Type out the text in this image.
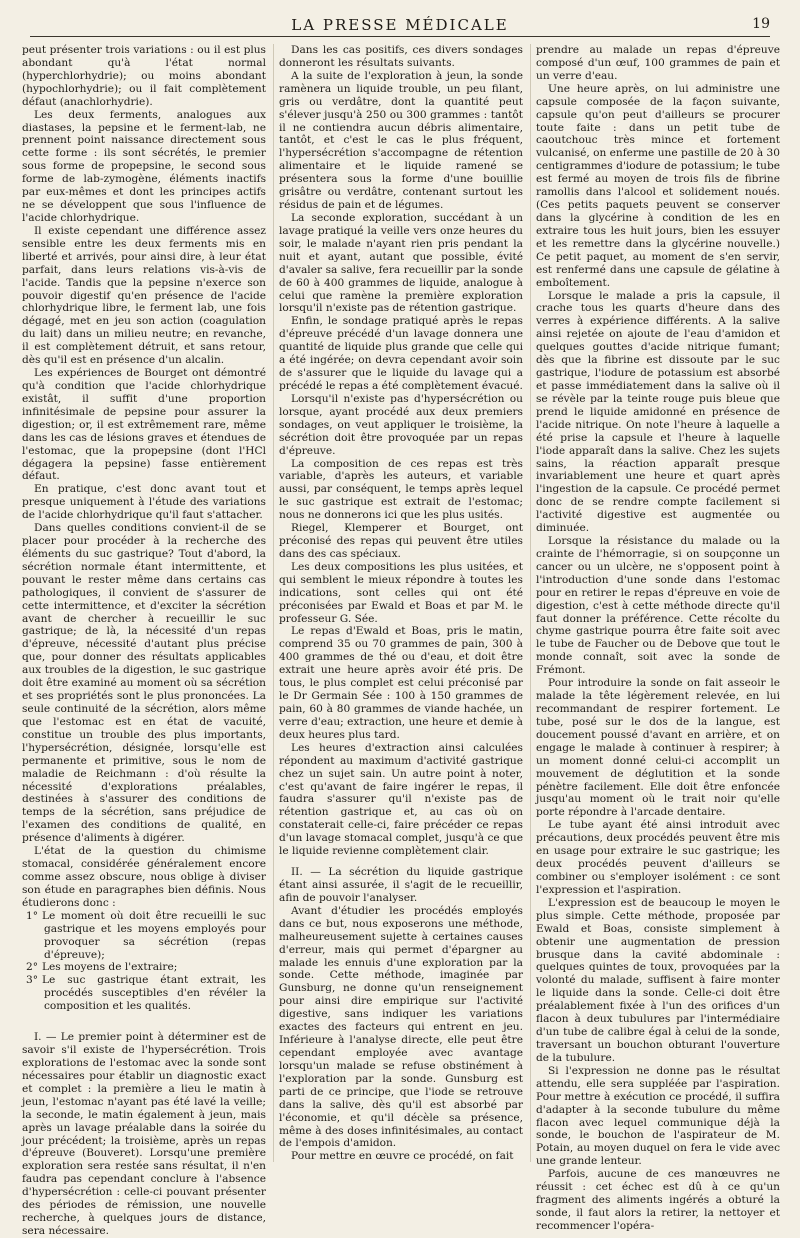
LA PRESSE MÉDICALE	19

peut présenter trois variations : ou il est plus abondant qu'à l'état normal (hyperchlorhydrie); ou moins abondant (hypochlorhydrie); ou il fait complètement défaut (anachlorhydrie).

Les deux ferments, analogues aux diastases, la pepsine et le ferment-lab, ne prennent point naissance directement sous cette forme : ils sont sécrétés, le premier sous forme de propepsine, le second sous forme de lab-zymogène, éléments inactifs par eux-mêmes et dont les principes actifs ne se développent que sous l'influence de l'acide chlorhydrique.

Il existe cependant une différence assez sensible entre les deux ferments mis en liberté et arrivés, pour ainsi dire, à leur état parfait, dans leurs relations vis-à-vis de l'acide. Tandis que la pepsine n'exerce son pouvoir digestif qu'en présence de l'acide chlorhydrique libre, le ferment lab, une fois dégagé, met en jeu son action (coagulation du lait) dans un milieu neutre; en revanche, il est complètement détruit, et sans retour, dès qu'il est en présence d'un alcalin.

Les expériences de Bourget ont démontré qu'à condition que l'acide chlorhydrique existât, il suffit d'une proportion infinitésimale de pepsine pour assurer la digestion; or, il est extrêmement rare, même dans les cas de lésions graves et étendues de l'estomac, que la propepsine (dont l'HCl dégagera la pepsine) fasse entièrement défaut.

En pratique, c'est donc avant tout et presque uniquement à l'étude des variations de l'acide chlorhydrique qu'il faut s'attacher.

Dans quelles conditions convient-il de se placer pour procéder à la recherche des éléments du suc gastrique? Tout d'abord, la sécrétion normale étant intermittente, et pouvant le rester même dans certains cas pathologiques, il convient de s'assurer de cette intermittence, et d'exciter la sécrétion avant de chercher à recueillir le suc gastrique; de là, la nécessité d'un repas d'épreuve, nécessité d'autant plus précise que, pour donner des résultats applicables aux troubles de la digestion, le suc gastrique doit être examiné au moment où sa sécrétion et ses propriétés sont le plus prononcées. La seule continuité de la sécrétion, alors même que l'estomac est en état de vacuité, constitue un trouble des plus importants, l'hypersécrétion, désignée, lorsqu'elle est permanente et primitive, sous le nom de maladie de Reichmann : d'où résulte la nécessité d'explorations préalables, destinées à s'assurer des conditions de temps de la sécrétion, sans préjudice de l'examen des conditions de qualité, en présence d'aliments à digérer.

L'état de la question du chimisme stomacal, considérée généralement encore comme assez obscure, nous oblige à diviser son étude en paragraphes bien définis. Nous étudierons donc :

1° Le moment où doit être recueilli le suc gastrique et les moyens employés pour provoquer sa sécrétion (repas d'épreuve);

2° Les moyens de l'extraire;

3° Le suc gastrique étant extrait, les procédés susceptibles d'en révéler la composition et les qualités.

I. — Le premier point à déterminer est de savoir s'il existe de l'hypersécrétion. Trois explorations de l'estomac avec la sonde sont nécessaires pour établir un diagnostic exact et complet : la première a lieu le matin à jeun, l'estomac n'ayant pas été lavé la veille; la seconde, le matin également à jeun, mais après un lavage préalable dans la soirée du jour précédent; la troisième, après un repas d'épreuve (Bouveret). Lorsqu'une première exploration sera restée sans résultat, il n'en faudra pas cependant conclure à l'absence d'hypersécrétion : celle-ci pouvant présenter des périodes de rémission, une nouvelle recherche, à quelques jours de distance, sera nécessaire.

Dans les cas positifs, ces divers sondages donneront les résultats suivants.

A la suite de l'exploration à jeun, la sonde ramènera un liquide trouble, un peu filant, gris ou verdâtre, dont la quantité peut s'élever jusqu'à 250 ou 300 grammes : tantôt il ne contiendra aucun débris alimentaire, tantôt, et c'est le cas le plus fréquent, l'hypersécrétion s'accompagne de rétention alimentaire et le liquide ramené se présentera sous la forme d'une bouillie grisâtre ou verdâtre, contenant surtout les résidus de pain et de légumes.

La seconde exploration, succédant à un lavage pratiqué la veille vers onze heures du soir, le malade n'ayant rien pris pendant la nuit et ayant, autant que possible, évité d'avaler sa salive, fera recueillir par la sonde de 60 à 400 grammes de liquide, analogue à celui que ramène la première exploration lorsqu'il n'existe pas de rétention gastrique.

Enfin, le sondage pratiqué après le repas d'épreuve précédé d'un lavage donnera une quantité de liquide plus grande que celle qui a été ingérée; on devra cependant avoir soin de s'assurer que le liquide du lavage qui a précédé le repas a été complètement évacué.

Lorsqu'il n'existe pas d'hypersécrétion ou lorsque, ayant procédé aux deux premiers sondages, on veut appliquer le troisième, la sécrétion doit être provoquée par un repas d'épreuve.

La composition de ces repas est très variable, d'après les auteurs, et variable aussi, par conséquent, le temps après lequel le suc gastrique est extrait de l'estomac; nous ne donnerons ici que les plus usités.

Riegel, Klemperer et Bourget, ont préconisé des repas qui peuvent être utiles dans des cas spéciaux.

Les deux compositions les plus usitées, et qui semblent le mieux répondre à toutes les indications, sont celles qui ont été préconisées par Ewald et Boas et par M. le professeur G. Sée.

Le repas d'Ewald et Boas, pris le matin, comprend 35 ou 70 grammes de pain, 300 à 400 grammes de thé ou d'eau, et doit être extrait une heure après avoir été pris. De tous, le plus complet est celui préconisé par le Dr Germain Sée : 100 à 150 grammes de pain, 60 à 80 grammes de viande hachée, un verre d'eau; extraction, une heure et demie à deux heures plus tard.

Les heures d'extraction ainsi calculées répondent au maximum d'activité gastrique chez un sujet sain. Un autre point à noter, c'est qu'avant de faire ingérer le repas, il faudra s'assurer qu'il n'existe pas de rétention gastrique et, au cas où on constaterait celle-ci, faire précéder ce repas d'un lavage stomacal complet, jusqu'à ce que le liquide revienne complètement clair.

II. — La sécrétion du liquide gastrique étant ainsi assurée, il s'agit de le recueillir, afin de pouvoir l'analyser.

Avant d'étudier les procédés employés dans ce but, nous exposerons une méthode, malheureusement sujette à certaines causes d'erreur, mais qui permet d'épargner au malade les ennuis d'une exploration par la sonde. Cette méthode, imaginée par Gunsburg, ne donne qu'un renseignement pour ainsi dire empirique sur l'activité digestive, sans indiquer les variations exactes des facteurs qui entrent en jeu. Inférieure à l'analyse directe, elle peut être cependant employée avec avantage lorsqu'un malade se refuse obstinément à l'exploration par la sonde. Gunsburg est parti de ce principe, que l'iode se retrouve dans la salive, dès qu'il est absorbé par l'économie, et qu'il décèle sa présence, même à des doses infinitésimales, au contact de l'empois d'amidon.

Pour mettre en œuvre ce procédé, on fait

prendre au malade un repas d'épreuve composé d'un œuf, 100 grammes de pain et un verre d'eau.

Une heure après, on lui administre une capsule composée de la façon suivante, capsule qu'on peut d'ailleurs se procurer toute faite : dans un petit tube de caoutchouc très mince et fortement vulcanisé, on enferme une pastille de 20 à 30 centigrammes d'iodure de potassium; le tube est fermé au moyen de trois fils de fibrine ramollis dans l'alcool et solidement noués. (Ces petits paquets peuvent se conserver dans la glycérine à condition de les en extraire tous les huit jours, bien les essuyer et les remettre dans la glycérine nouvelle.) Ce petit paquet, au moment de s'en servir, est renfermé dans une capsule de gélatine à emboîtement.

Lorsque le malade a pris la capsule, il crache tous les quarts d'heure dans des verres à expérience différents. A la salive ainsi rejetée on ajoute de l'eau d'amidon et quelques gouttes d'acide nitrique fumant; dès que la fibrine est dissoute par le suc gastrique, l'iodure de potassium est absorbé et passe immédiatement dans la salive où il se révèle par la teinte rouge puis bleue que prend le liquide amidonné en présence de l'acide nitrique. On note l'heure à laquelle a été prise la capsule et l'heure à laquelle l'iode apparaît dans la salive. Chez les sujets sains, la réaction apparaît presque invariablement une heure et quart après l'ingestion de la capsule. Ce procédé permet donc de se rendre compte facilement si l'activité digestive est augmentée ou diminuée.

Lorsque la résistance du malade ou la crainte de l'hémorragie, si on soupçonne un cancer ou un ulcère, ne s'opposent point à l'introduction d'une sonde dans l'estomac pour en retirer le repas d'épreuve en voie de digestion, c'est à cette méthode directe qu'il faut donner la préférence. Cette récolte du chyme gastrique pourra être faite soit avec le tube de Faucher ou de Debove que tout le monde connaît, soit avec la sonde de Frémont.

Pour introduire la sonde on fait asseoir le malade la tête légèrement relevée, en lui recommandant de respirer fortement. Le tube, posé sur le dos de la langue, est doucement poussé d'avant en arrière, et on engage le malade à continuer à respirer; à un moment donné celui-ci accomplit un mouvement de déglutition et la sonde pénètre facilement. Elle doit être enfoncée jusqu'au moment où le trait noir qu'elle porte répondre à l'arcade dentaire.

Le tube ayant été ainsi introduit avec précautions, deux procédés peuvent être mis en usage pour extraire le suc gastrique; les deux procédés peuvent d'ailleurs se combiner ou s'employer isolément : ce sont l'expression et l'aspiration.

L'expression est de beaucoup le moyen le plus simple. Cette méthode, proposée par Ewald et Boas, consiste simplement à obtenir une augmentation de pression brusque dans la cavité abdominale : quelques quintes de toux, provoquées par la volonté du malade, suffisent à faire monter le liquide dans la sonde. Celle-ci doit être préalablement fixée à l'un des orifices d'un flacon à deux tubulures par l'intermédiaire d'un tube de calibre égal à celui de la sonde, traversant un bouchon obturant l'ouverture de la tubulure.

Si l'expression ne donne pas le résultat attendu, elle sera suppléée par l'aspiration. Pour mettre à exécution ce procédé, il suffira d'adapter à la seconde tubulure du même flacon avec lequel communique déjà la sonde, le bouchon de l'aspirateur de M. Potain, au moyen duquel on fera le vide avec une grande lenteur.

Parfois, aucune de ces manœuvres ne réussit : cet échec est dû à ce qu'un fragment des aliments ingérés a obturé la sonde, il faut alors la retirer, la nettoyer et recommencer l'opéra-
